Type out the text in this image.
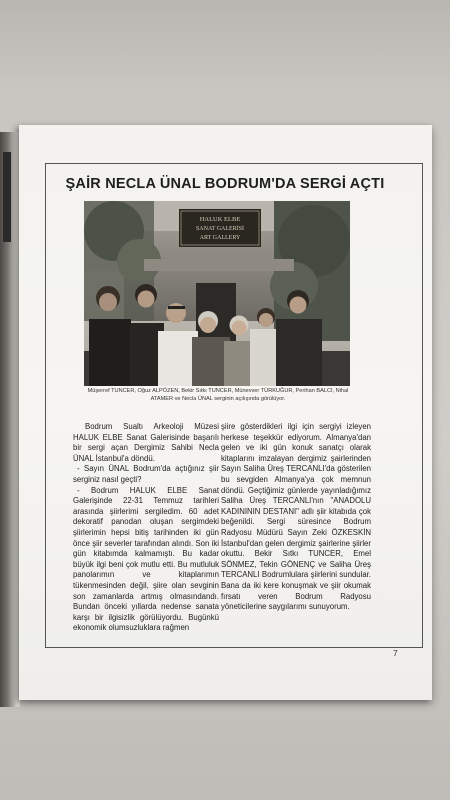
ŞAİR NECLA ÜNAL BODRUM'DA SERGİ AÇTI
HALUK ELBE
SANAT GALERİSİ
ART GALLERY
Müşerref TUNCER, Oğuz ALPÖZEN, Bekir Sıtkı TUNCER, Münevver TÜRKUĞUR, Perihan BALCI, Nihal
ATAMER ve Necla ÜNAL serginin açılışında görülüyor.

Bodrum Sualtı Arkeoloji Müzesi HALUK ELBE Sanat Galerisinde başarılı bir sergi açan Dergimiz Sahibi Necla ÜNAL İstanbul'a döndü.

- Sayın ÜNAL Bodrum'da açtığınız şiir serginiz nasıl geçti?

- Bodrum HALUK ELBE Sanat Galerişinde 22-31 Temmuz tarihleri arasında şiirlerimi sergiledim. 60 adet dekoratif panodan oluşan sergimdeki şiirlerimin hepsi bitiş tarihinden iki gün önce şiir severler tarafından alındı. Son iki gün kitabımda kalmamıştı. Bu kadar büyük ilgi beni çok mutlu etti. Bu mutluluk panolarımın ve kitaplarımın tükenmesinden değil, şiire olan sevginin son zamanlarda artmış olmasındandı. Bundan önceki yıllarda nedense sanata karşı bir ilgisizlik görülüyordu. Bugünkü ekonomik olumsuzluklara rağmen

şiire gösterdikleri ilgi için sergiyi izleyen herkese teşekkür ediyorum. Almanya'dan gelen ve iki gün konuk sanatçı olarak kitaplarını imzalayan dergimiz şairlerinden Sayın Saliha Üreş TERCANLI'da gösterilen bu sevgiden Almanya'ya çok memnun döndü. Geçtiğimiz günlerde yayınladığımız Saliha Üreş TERCANLI'nın "ANADOLU KADINININ DESTANI" adlı şiir kitabıda çok beğenildi. Sergi süresince Bodrum Radyosu Müdürü Sayın Zeki ÖZKESKİN İstanbul'dan gelen dergimiz şairlerine şiirler okuttu. Bekir Sıtkı TUNCER, Emel SÖNMEZ, Tekin GÖNENÇ ve Saliha Üreş TERCANLI Bodrumlulara şiirlerini sundular. Bana da iki kere konuşmak ve şiir okumak fırsatı veren Bodrum Radyosu yöneticilerine saygılarımı sunuyorum.

7
